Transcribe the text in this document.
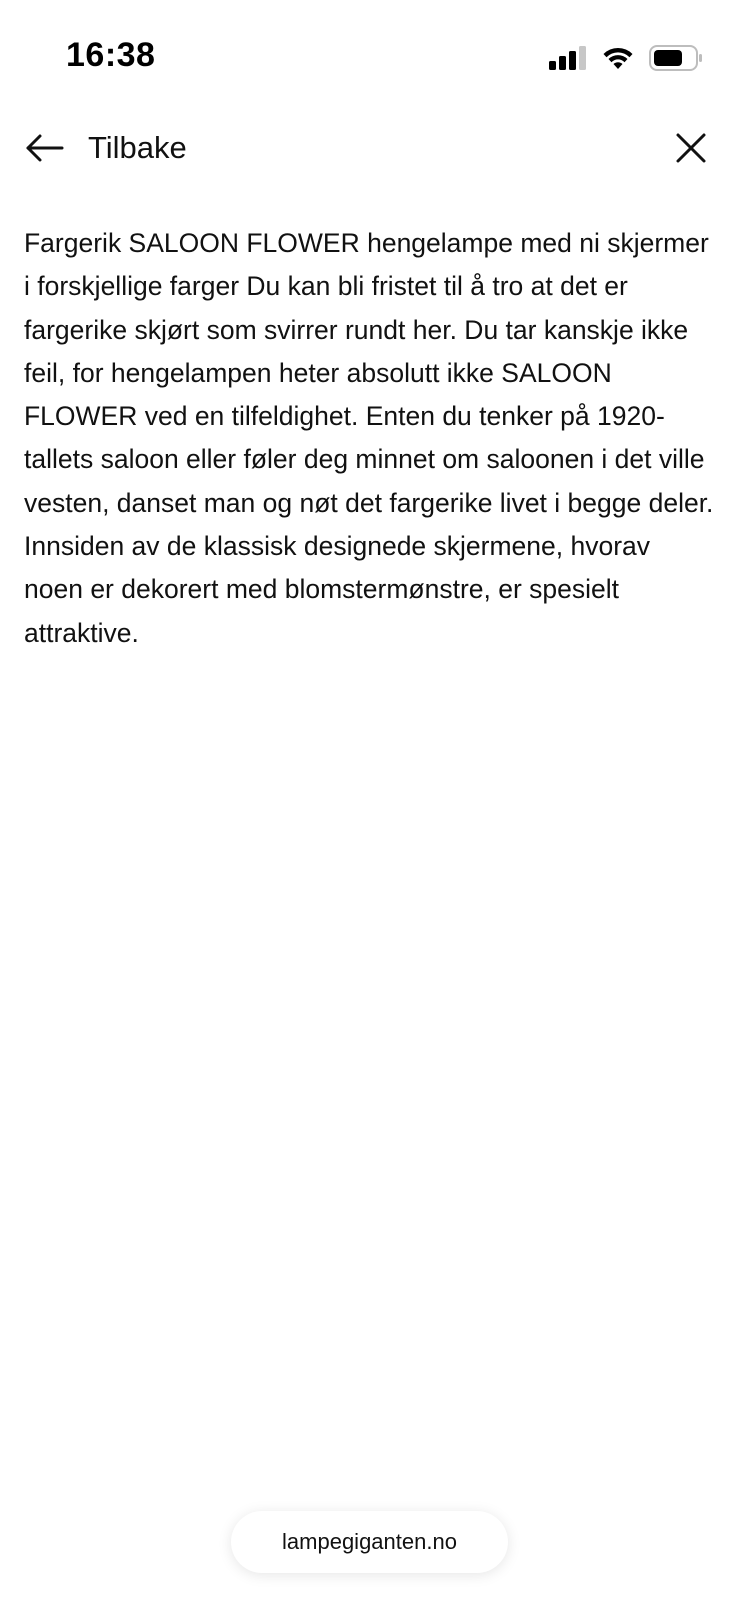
16:38
Tilbake

Fargerik SALOON FLOWER hengelampe med ni skjermer i forskjellige farger Du kan bli fristet til å tro at det er fargerike skjørt som svirrer rundt her. Du tar kanskje ikke feil, for hengelampen heter absolutt ikke SALOON FLOWER ved en tilfeldighet. Enten du tenker på 1920-tallets saloon eller føler deg minnet om saloonen i det ville vesten, danset man og nøt det fargerike livet i begge deler. Innsiden av de klassisk designede skjermene, hvorav noen er dekorert med blomstermønstre, er spesielt attraktive.

lampegiganten.no
